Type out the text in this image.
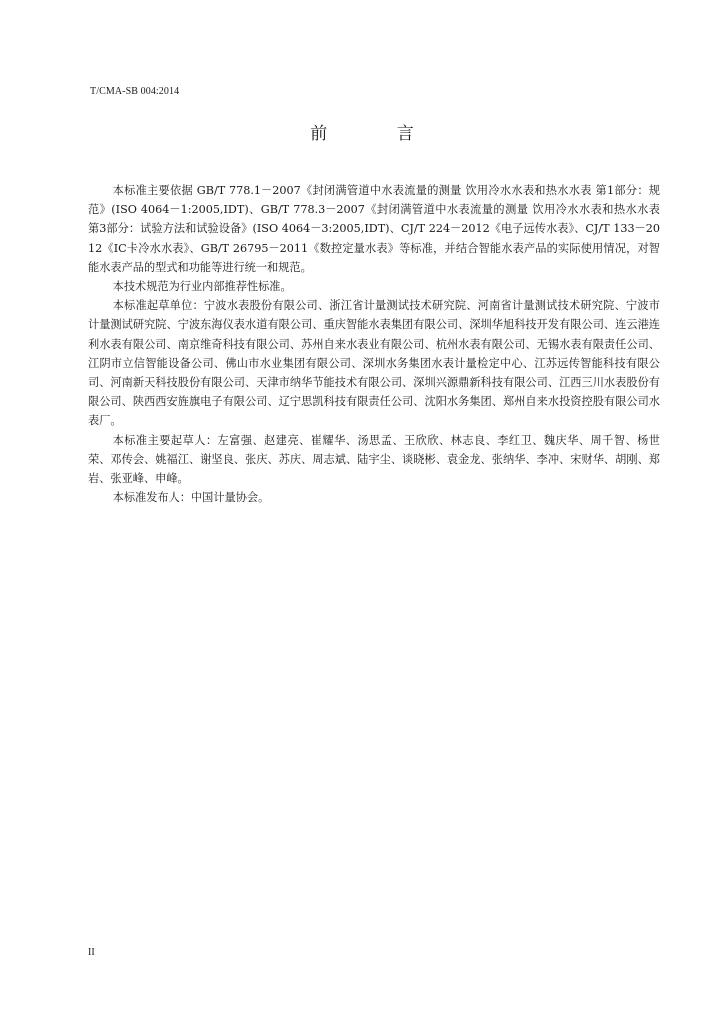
T/CMA-SB 004:2014
前 言

本标准主要依据 GB/T 778.1－2007《封闭满管道中水表流量的测量 饮用冷水水表和热水水表 第1部分：规范》(ISO 4064－1:2005,IDT)、GB/T 778.3－2007《封闭满管道中水表流量的测量 饮用冷水水表和热水水表 第3部分：试验方法和试验设备》(ISO 4064－3:2005,IDT)、CJ/T 224－2012《电子远传水表》、CJ/T 133－2012《IC卡冷水水表》、GB/T 26795－2011《数控定量水表》等标准，并结合智能水表产品的实际使用情况，对智能水表产品的型式和功能等进行统一和规范。

本技术规范为行业内部推荐性标准。

本标准起草单位：宁波水表股份有限公司、浙江省计量测试技术研究院、河南省计量测试技术研究院、宁波市计量测试研究院、宁波东海仪表水道有限公司、重庆智能水表集团有限公司、深圳华旭科技开发有限公司、连云港连利水表有限公司、南京维奇科技有限公司、苏州自来水表业有限公司、杭州水表有限公司、无锡水表有限责任公司、江阴市立信智能设备公司、佛山市水业集团有限公司、深圳水务集团水表计量检定中心、江苏远传智能科技有限公司、河南新天科技股份有限公司、天津市纳华节能技术有限公司、深圳兴源鼎新科技有限公司、江西三川水表股份有限公司、陕西西安旌旗电子有限公司、辽宁思凯科技有限责任公司、沈阳水务集团、郑州自来水投资控股有限公司水表厂。

本标准主要起草人：左富强、赵建亮、崔耀华、汤思孟、王欣欣、林志良、李红卫、魏庆华、周千智、杨世荣、邓传会、姚福江、谢坚良、张庆、苏庆、周志斌、陆宇尘、谈晓彬、袁金龙、张纳华、李冲、宋财华、胡刚、郑岩、张亚峰、申峰。

本标准发布人：中国计量协会。

II
